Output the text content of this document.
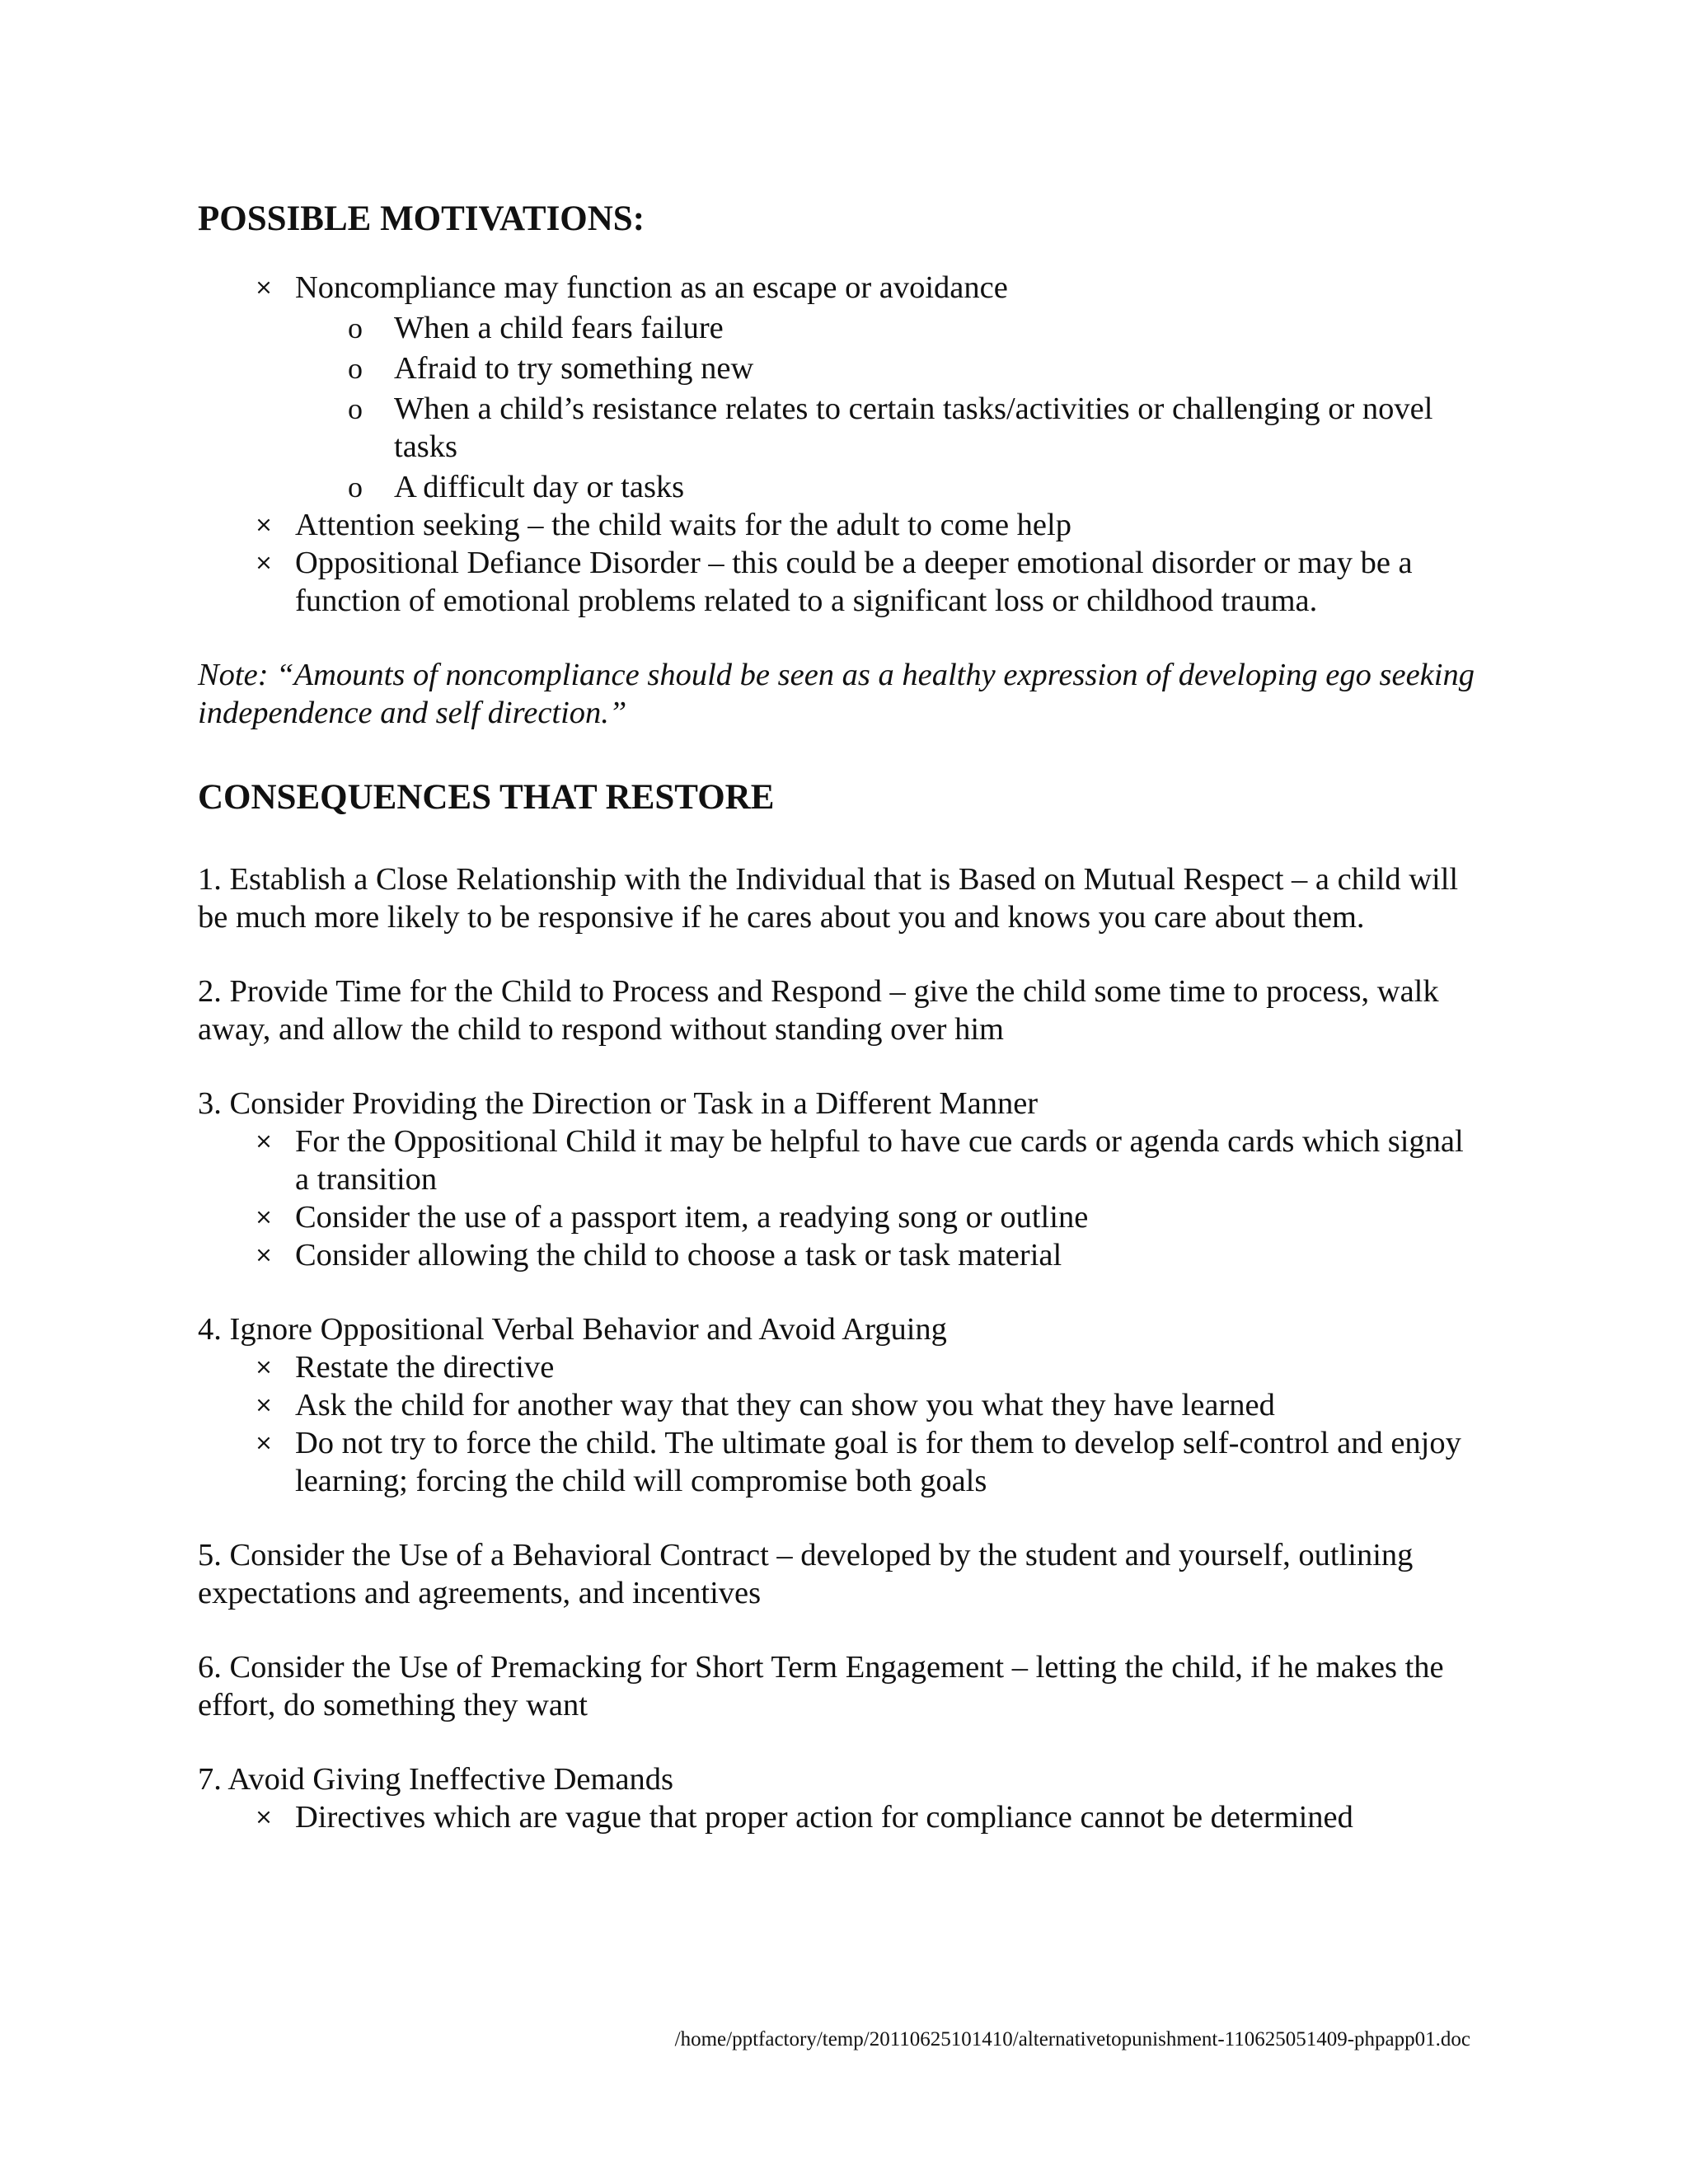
POSSIBLE MOTIVATIONS:
× Noncompliance may function as an escape or avoidance
o When a child fears failure
o Afraid to try something new
o When a child’s resistance relates to certain tasks/activities or challenging or novel tasks
o A difficult day or tasks
× Attention seeking – the child waits for the adult to come help
× Oppositional Defiance Disorder – this could be a deeper emotional disorder or may be a function of emotional problems related to a significant loss or childhood trauma.

Note: “Amounts of noncompliance should be seen as a healthy expression of developing ego seeking independence and self direction.”

CONSEQUENCES THAT RESTORE

1. Establish a Close Relationship with the Individual that is Based on Mutual Respect – a child will be much more likely to be responsive if he cares about you and knows you care about them.

2. Provide Time for the Child to Process and Respond – give the child some time to process, walk away, and allow the child to respond without standing over him

3. Consider Providing the Direction or Task in a Different Manner

× For the Oppositional Child it may be helpful to have cue cards or agenda cards which signal a transition
× Consider the use of a passport item, a readying song or outline
× Consider allowing the child to choose a task or task material

4. Ignore Oppositional Verbal Behavior and Avoid Arguing

× Restate the directive
× Ask the child for another way that they can show you what they have learned
× Do not try to force the child. The ultimate goal is for them to develop self-control and enjoy learning; forcing the child will compromise both goals

5. Consider the Use of a Behavioral Contract – developed by the student and yourself, outlining expectations and agreements, and incentives

6. Consider the Use of Premacking for Short Term Engagement – letting the child, if he makes the effort, do something they want

7. Avoid Giving Ineffective Demands

× Directives which are vague that proper action for compliance cannot be determined
/home/pptfactory/temp/20110625101410/alternativetopunishment-110625051409-phpapp01.doc
